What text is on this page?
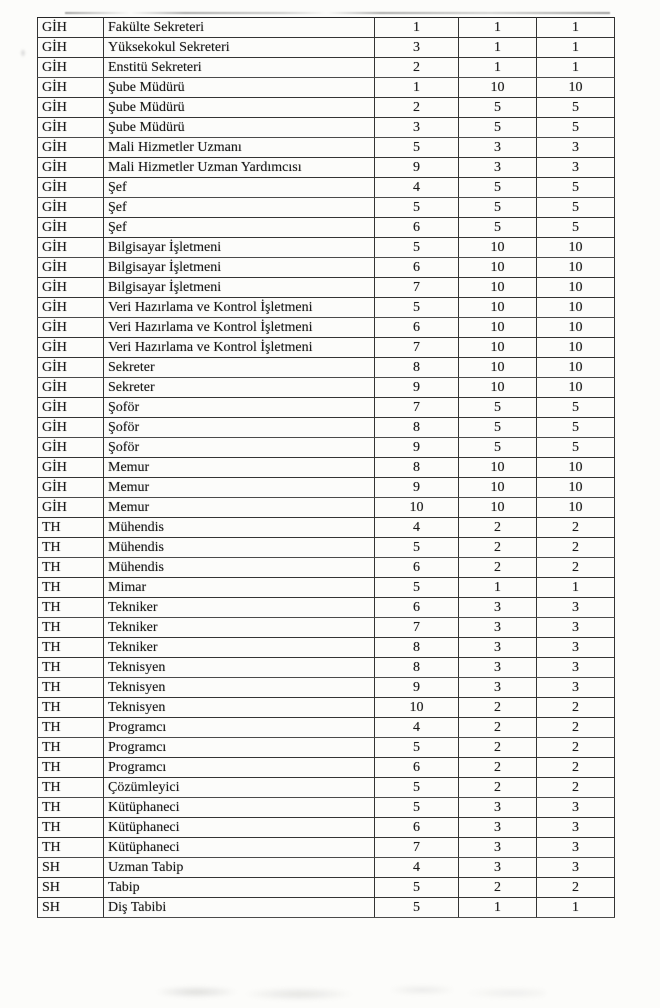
GİH	Fakülte Sekreteri	1	1	1
GİH	Yüksekokul Sekreteri	3	1	1
GİH	Enstitü Sekreteri	2	1	1
GİH	Şube Müdürü	1	10	10
GİH	Şube Müdürü	2	5	5
GİH	Şube Müdürü	3	5	5
GİH	Mali Hizmetler Uzmanı	5	3	3
GİH	Mali Hizmetler Uzman Yardımcısı	9	3	3
GİH	Şef	4	5	5
GİH	Şef	5	5	5
GİH	Şef	6	5	5
GİH	Bilgisayar İşletmeni	5	10	10
GİH	Bilgisayar İşletmeni	6	10	10
GİH	Bilgisayar İşletmeni	7	10	10
GİH	Veri Hazırlama ve Kontrol İşletmeni	5	10	10
GİH	Veri Hazırlama ve Kontrol İşletmeni	6	10	10
GİH	Veri Hazırlama ve Kontrol İşletmeni	7	10	10
GİH	Sekreter	8	10	10
GİH	Sekreter	9	10	10
GİH	Şoför	7	5	5
GİH	Şoför	8	5	5
GİH	Şoför	9	5	5
GİH	Memur	8	10	10
GİH	Memur	9	10	10
GİH	Memur	10	10	10
TH	Mühendis	4	2	2
TH	Mühendis	5	2	2
TH	Mühendis	6	2	2
TH	Mimar	5	1	1
TH	Tekniker	6	3	3
TH	Tekniker	7	3	3
TH	Tekniker	8	3	3
TH	Teknisyen	8	3	3
TH	Teknisyen	9	3	3
TH	Teknisyen	10	2	2
TH	Programcı	4	2	2
TH	Programcı	5	2	2
TH	Programcı	6	2	2
TH	Çözümleyici	5	2	2
TH	Kütüphaneci	5	3	3
TH	Kütüphaneci	6	3	3
TH	Kütüphaneci	7	3	3
SH	Uzman Tabip	4	3	3
SH	Tabip	5	2	2
SH	Diş Tabibi	5	1	1
